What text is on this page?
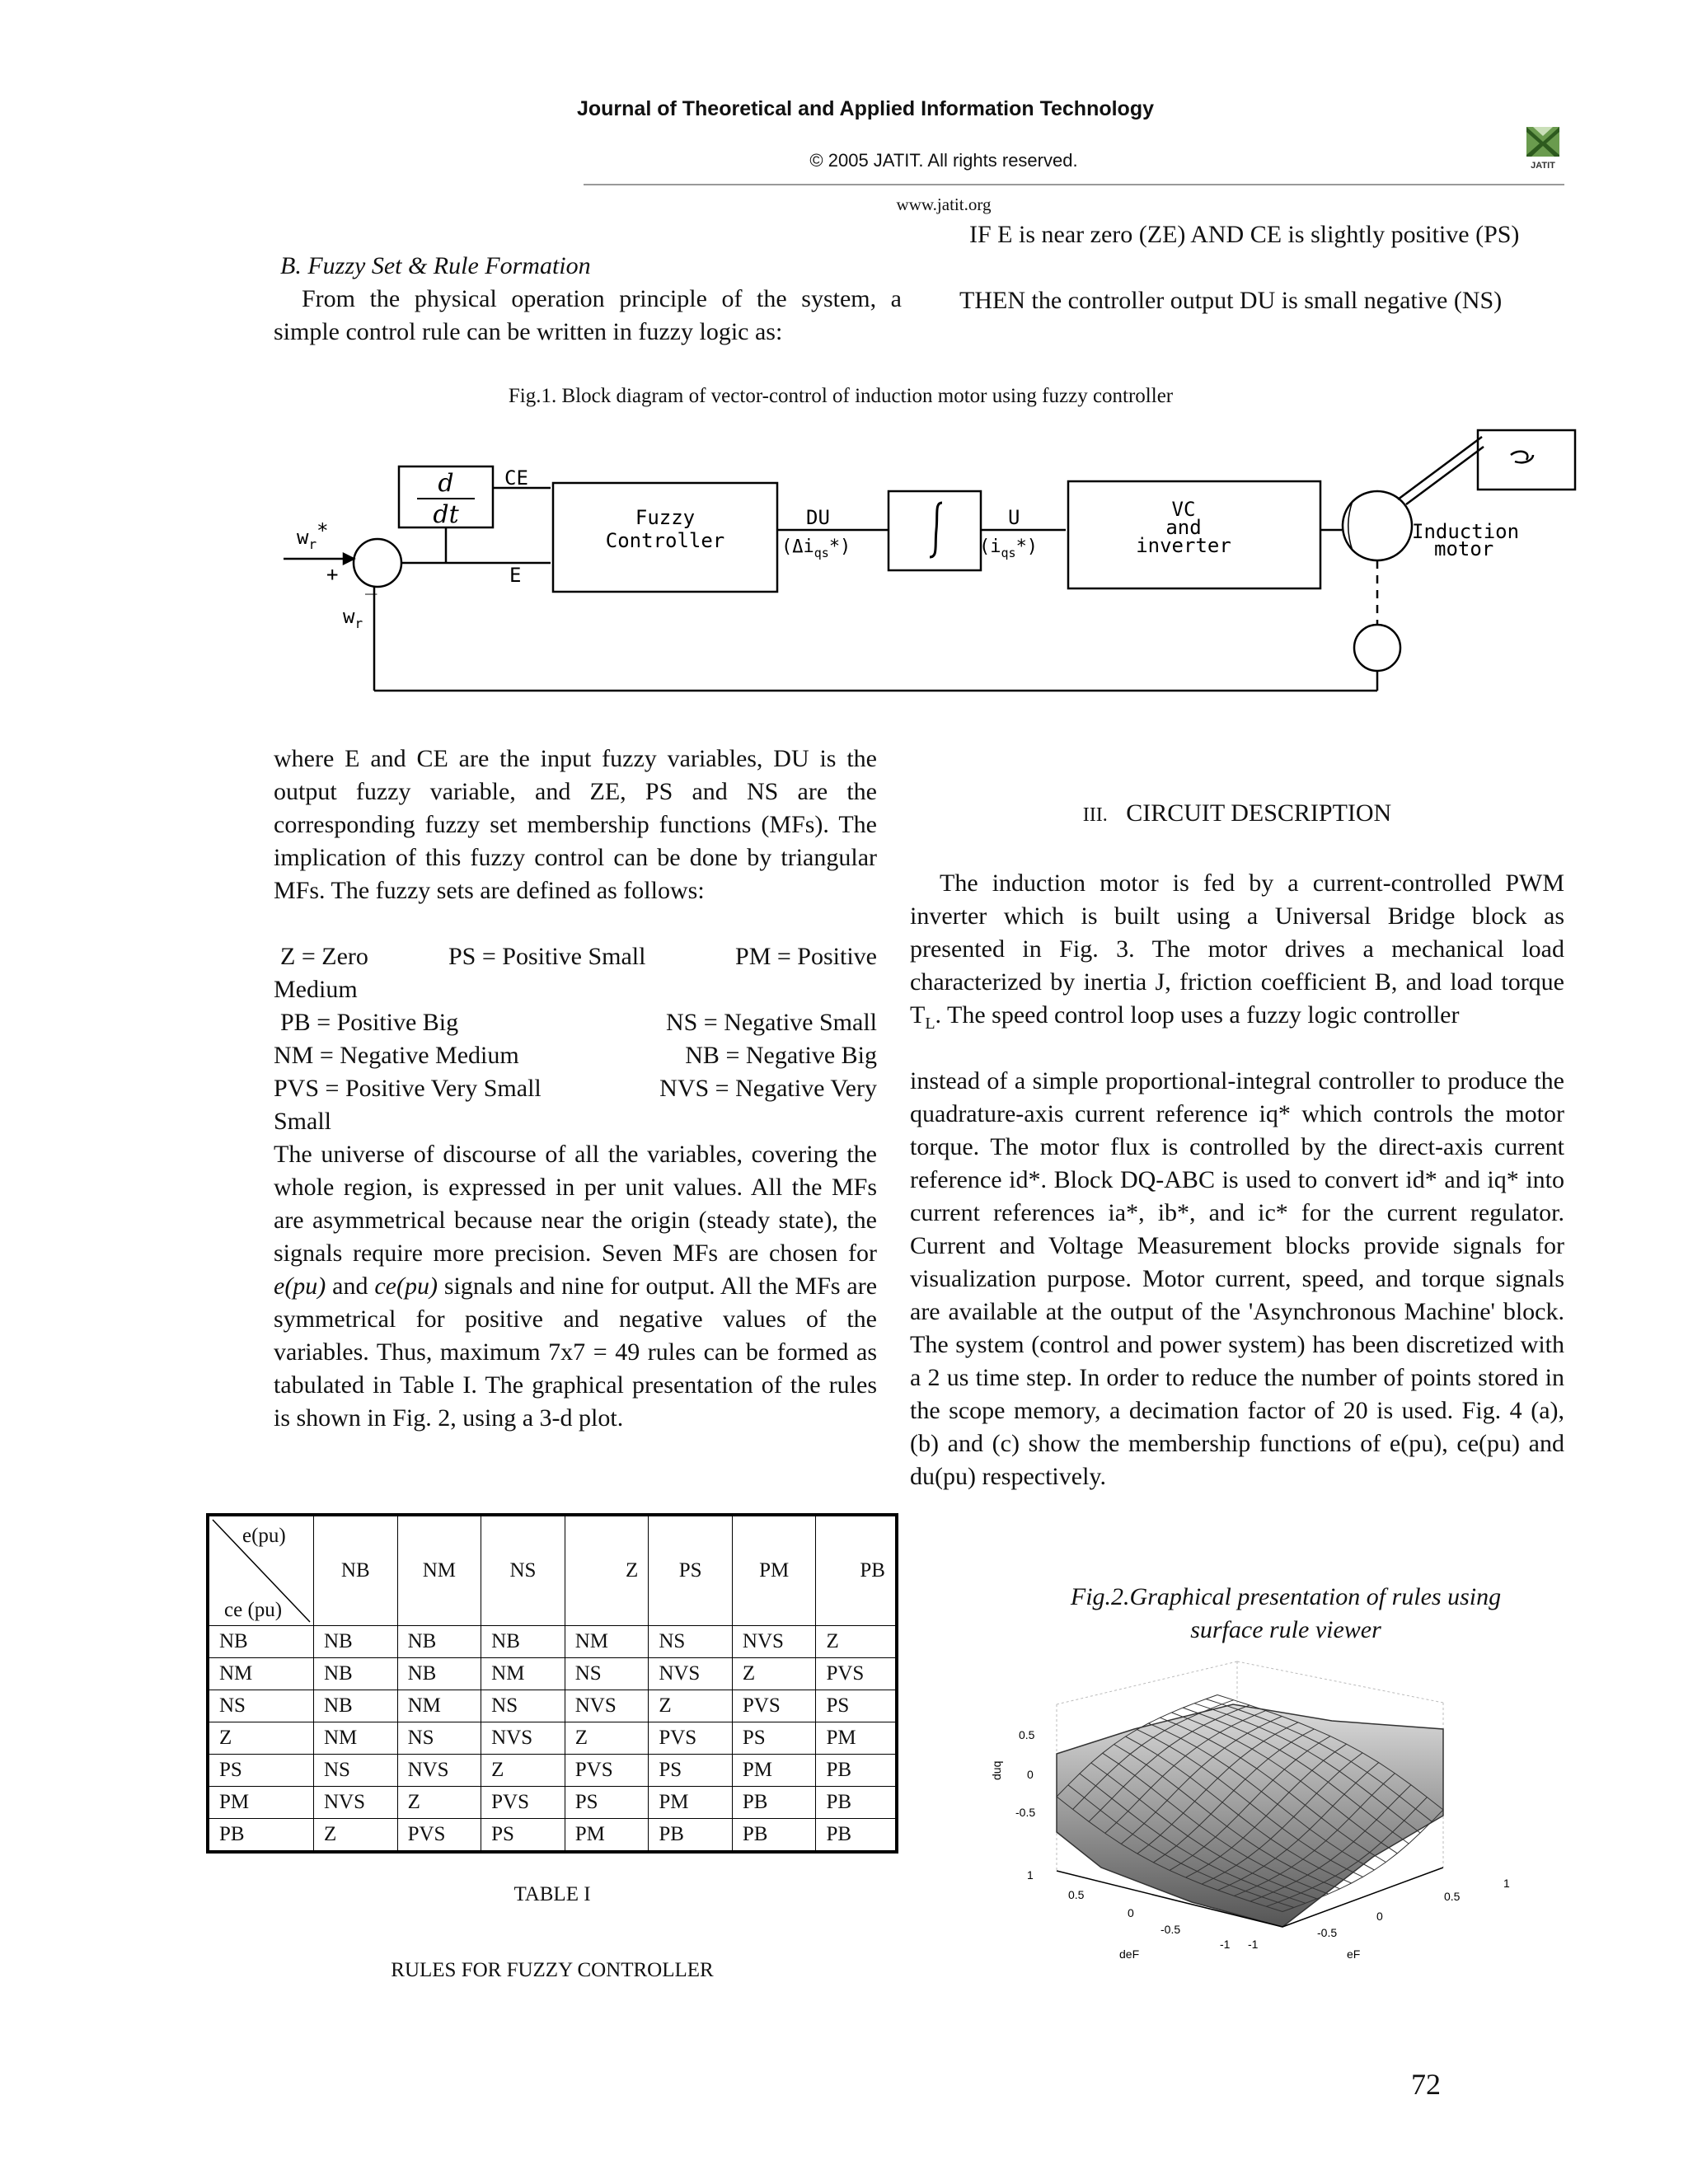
Journal of Theoretical and Applied Information Technology
© 2005 JATIT. All rights reserved.
www.jatit.org
JATIT
B. Fuzzy Set & Rule Formation
From the physical operation principle of the system, a simple control rule can be written in fuzzy logic as:
IF E is near zero (ZE) AND CE is slightly positive (PS)
THEN the controller output DU is small negative (NS)
Fig.1. Block diagram of vector-control of induction motor using fuzzy controller
$w_r*$
+ _
$w_r$
d
dt
CE
E
Fuzzy
Controller
DU
$(\Delta i_{qs}*)$
U
$(i_{qs}*)$
VC
and
inverter
Induction
motor
where E and CE are the input fuzzy variables, DU is the output fuzzy variable, and ZE, PS and NS are the corresponding fuzzy set membership functions (MFs). The implication of this fuzzy control can be done by triangular MFs. The fuzzy sets are defined as follows:
Z = Zero	PS = Positive Small	PM = Positive
Medium
PB = Positive Big	NS = Negative Small
NM = Negative Medium	NB = Negative Big
PVS = Positive Very Small	NVS = Negative Very
Small
The universe of discourse of all the variables, covering the whole region, is expressed in per unit values. All the MFs are asymmetrical because near the origin (steady state), the signals require more precision. Seven MFs are chosen for e(pu) and ce(pu) signals and nine for output. All the MFs are symmetrical for positive and negative values of the variables. Thus, maximum 7x7 = 49 rules can be formed as tabulated in Table I. The graphical presentation of the rules is shown in Fig. 2, using a 3-d plot.
e(pu)
ce (pu)	NB	NM	NS	Z	PS	PM	PB
NB	NB	NB	NB	NM	NS	NVS	Z
NM	NB	NB	NM	NS	NVS	Z	PVS
NS	NB	NM	NS	NVS	Z	PVS	PS
Z	NM	NS	NVS	Z	PVS	PS	PM
PS	NS	NVS	Z	PVS	PS	PM	PB
PM	NVS	Z	PVS	PS	PM	PB	PB
PB	Z	PVS	PS	PM	PB	PB	PB
TABLE I
RULES FOR FUZZY CONTROLLER
III. CIRCUIT DESCRIPTION
The induction motor is fed by a current-controlled PWM inverter which is built using a Universal Bridge block as presented in Fig. 3. The motor drives a mechanical load characterized by inertia J, friction coefficient B, and load torque $T_L$. The speed control loop uses a fuzzy logic controller
instead of a simple proportional-integral controller to produce the quadrature-axis current reference iq* which controls the motor torque. The motor flux is controlled by the direct-axis current reference id*. Block DQ-ABC is used to convert id* and iq* into current references ia*, ib*, and ic* for the current regulator. Current and Voltage Measurement blocks provide signals for visualization purpose. Motor current, speed, and torque signals are available at the output of the 'Asynchronous Machine' block. The system (control and power system) has been discretized with a 2 us time step. In order to reduce the number of points stored in the scope memory, a decimation factor of 20 is used. Fig. 4 (a), (b) and (c) show the membership functions of e(pu), ce(pu) and du(pu) respectively.
Fig.2.Graphical presentation of rules using surface rule viewer
0.5
0
-0.5
duq
1
0.5
0
-0.5
-1
deF
-1
-0.5
0
0.5
1
eF
72
